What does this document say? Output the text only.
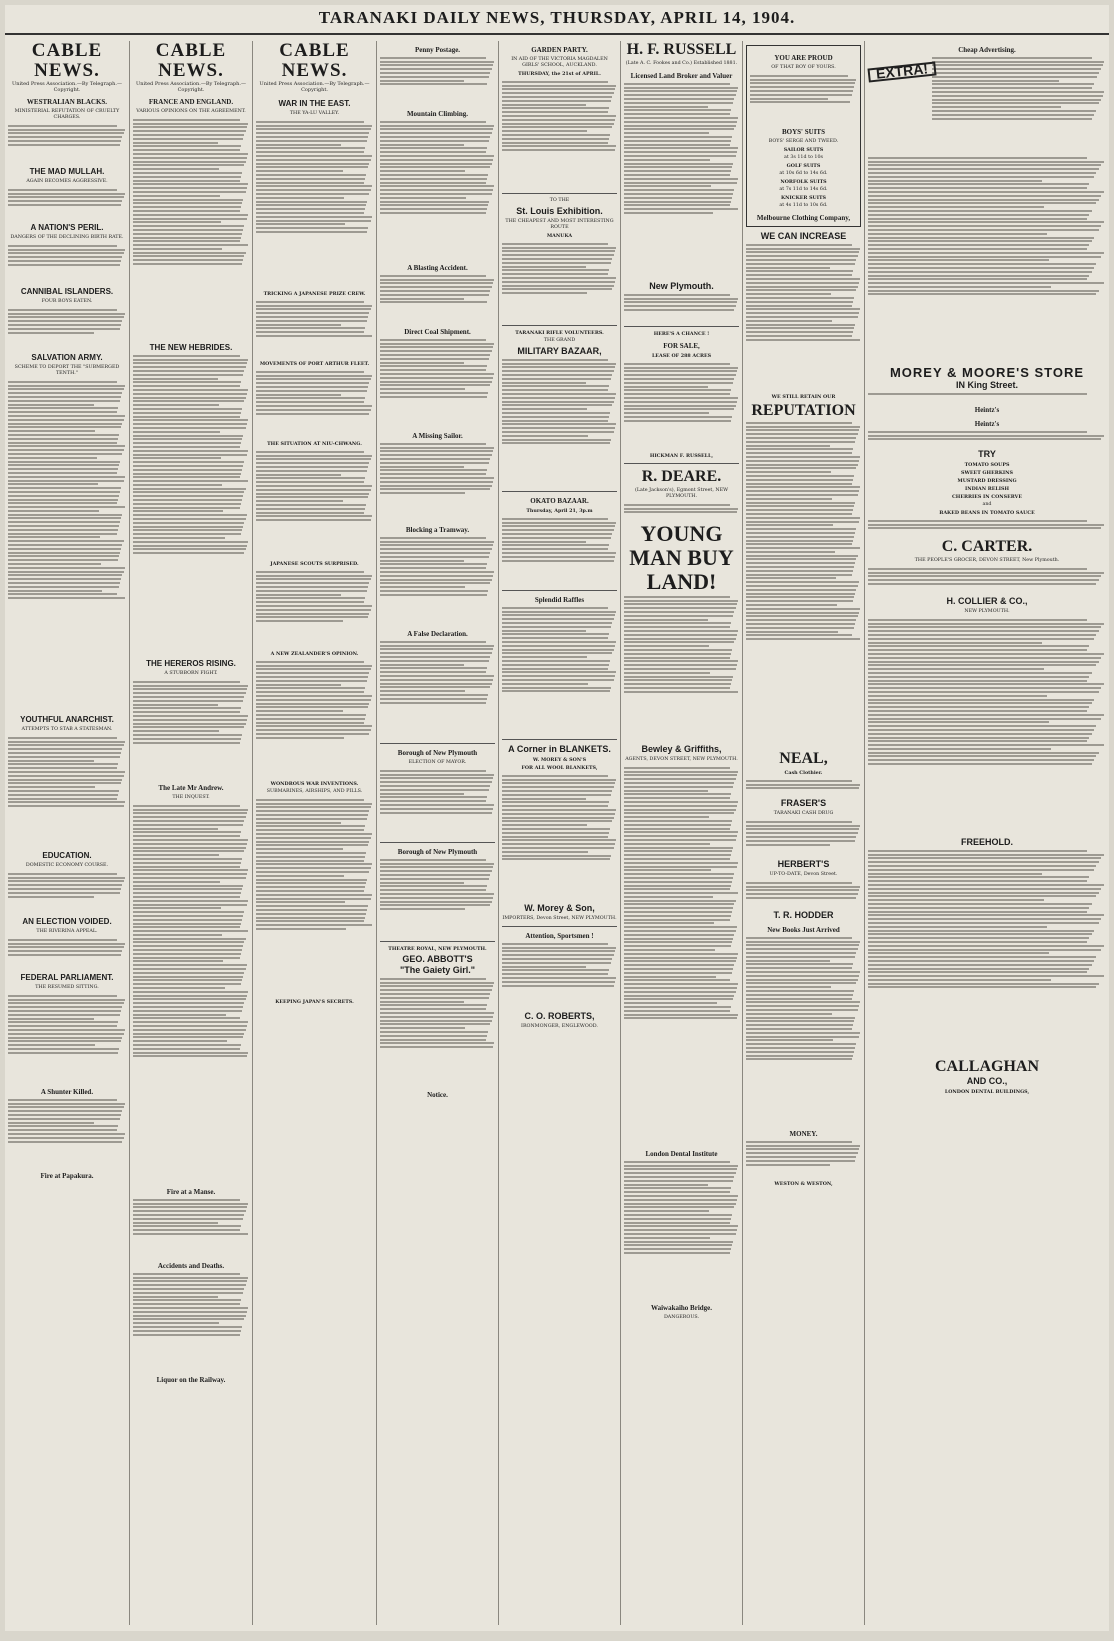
TARANAKI DAILY NEWS, THURSDAY, APRIL 14, 1904.
CABLE NEWS.
United Press Association.—By Telegraph.—Copyright.
WESTRALIAN BLACKS.
MINISTERIAL REFUTATION OF CRUELTY CHARGES.
THE MAD MULLAH.
AGAIN BECOMES AGGRESSIVE.
A NATION'S PERIL.
DANGERS OF THE DECLINING BIRTH RATE.
CANNIBAL ISLANDERS.
FOUR BOYS EATEN.
SALVATION ARMY.
SCHEME TO DEPORT THE "SUBMERGED TENTH."
YOUTHFUL ANARCHIST.
ATTEMPTS TO STAB A STATESMAN.
EDUCATION.
DOMESTIC ECONOMY COURSE.
AN ELECTION VOIDED.
THE RIVERINA APPEAL.
FEDERAL PARLIAMENT.
THE RESUMED SITTING.
A Shunter Killed.
Fire at Papakura.
CABLE NEWS.
United Press Association.—By Telegraph.—Copyright.
FRANCE AND ENGLAND.
VARIOUS OPINIONS ON THE AGREEMENT.
THE NEW HEBRIDES.
THE HEREROS RISING.
A STUBBORN FIGHT.
The Late Mr Andrew.
THE INQUEST.
Fire at a Manse.
Accidents and Deaths.
Liquor on the Railway.
CABLE NEWS.
United Press Association.—By Telegraph.—Copyright.
WAR IN THE EAST.
THE YA-LU VALLEY.
TRICKING A JAPANESE PRIZE CREW.
MOVEMENTS OF PORT ARTHUR FLEET.
THE SITUATION AT NIU-CHWANG.
JAPANESE SCOUTS SURPRISED.
A NEW ZEALANDER'S OPINION.
WONDROUS WAR INVENTIONS.
SUBMARINES, AIRSHIPS, AND PILLS.
KEEPING JAPAN'S SECRETS.
Penny Postage.
Mountain Climbing.
A Blasting Accident.
Direct Coal Shipment.
A Missing Sailor.
Blocking a Tramway.
A False Declaration.
Borough of New Plymouth
ELECTION OF MAYOR.
Borough of New Plymouth
THEATRE ROYAL, NEW PLYMOUTH.
GEO. ABBOTT'S
"The Gaiety Girl."
Notice.
GARDEN PARTY.
IN AID OF THE VICTORIA MAGDALEN GIRLS' SCHOOL, AUCKLAND.
THURSDAY, the 21st of APRIL.
TO THE
St. Louis Exhibition.
THE CHEAPEST AND MOST INTERESTING ROUTE
MANUKA
TARANAKI RIFLE VOLUNTEERS.
THE GRAND
MILITARY BAZAAR,
OKATO BAZAAR.
Thursday, April 21, 3p.m
Splendid Raffles
A Corner in BLANKETS.
W. MOREY & SON'S
FOR ALL WOOL BLANKETS,
W. Morey & Son,
IMPORTERS, Devon Street, NEW PLYMOUTH.
Attention, Sportsmen !
C. O. ROBERTS,
IRONMONGER, ENGLEWOOD.
H. F. RUSSELL
(Late A. C. Fookes and Co.) Established 1881.
Licensed Land Broker and Valuer
New Plymouth.
HERE'S A CHANCE !
FOR SALE,
LEASE OF 288 ACRES
HICKMAN F. RUSSELL,
R. DEARE.
(Late Jackson's), Egmont Street, NEW PLYMOUTH.
YOUNG MAN BUY LAND!
Bewley & Griffiths,
AGENTS, DEVON STREET, NEW PLYMOUTH.
London Dental Institute
Waiwakaiho Bridge.
DANGEROUS.
YOU ARE PROUD
OF THAT BOY OF YOURS.
BOYS' SUITS
BOYS' SERGE AND TWEED.
SAILOR SUITS
at 3s 11d to 10s
GOLF SUITS
at 10s 6d to 14s 6d.
NORFOLK SUITS
at 7s 11d to 14s 6d.
KNICKER SUITS
at 4s 11d to 10s 6d.
Melbourne Clothing Company,
WE CAN INCREASE
WE STILL RETAIN OUR
REPUTATION
NEAL,
Cash Clothier.
FRASER'S
TARANAKI CASH DRUG
HERBERT'S
UP-TO-DATE, Devon Street.
T. R. HODDER
New Books Just Arrived
MONEY.
WESTON & WESTON,
Cheap Advertising.
EXTRA!
MOREY & MOORE'S STORE
IN King Street.
Heintz's
Heintz's
TRY
TOMATO SOUPS
SWEET GHERKINS
MUSTARD DRESSING
INDIAN RELISH
CHERRIES IN CONSERVE
and
BAKED BEANS IN TOMATO SAUCE
C. CARTER.
THE PEOPLE'S GROCER, DEVON STREET, New Plymouth.
H. COLLIER & CO.,
NEW PLYMOUTH.
FREEHOLD.
CALLAGHAN
AND CO.,
LONDON DENTAL BUILDINGS,
